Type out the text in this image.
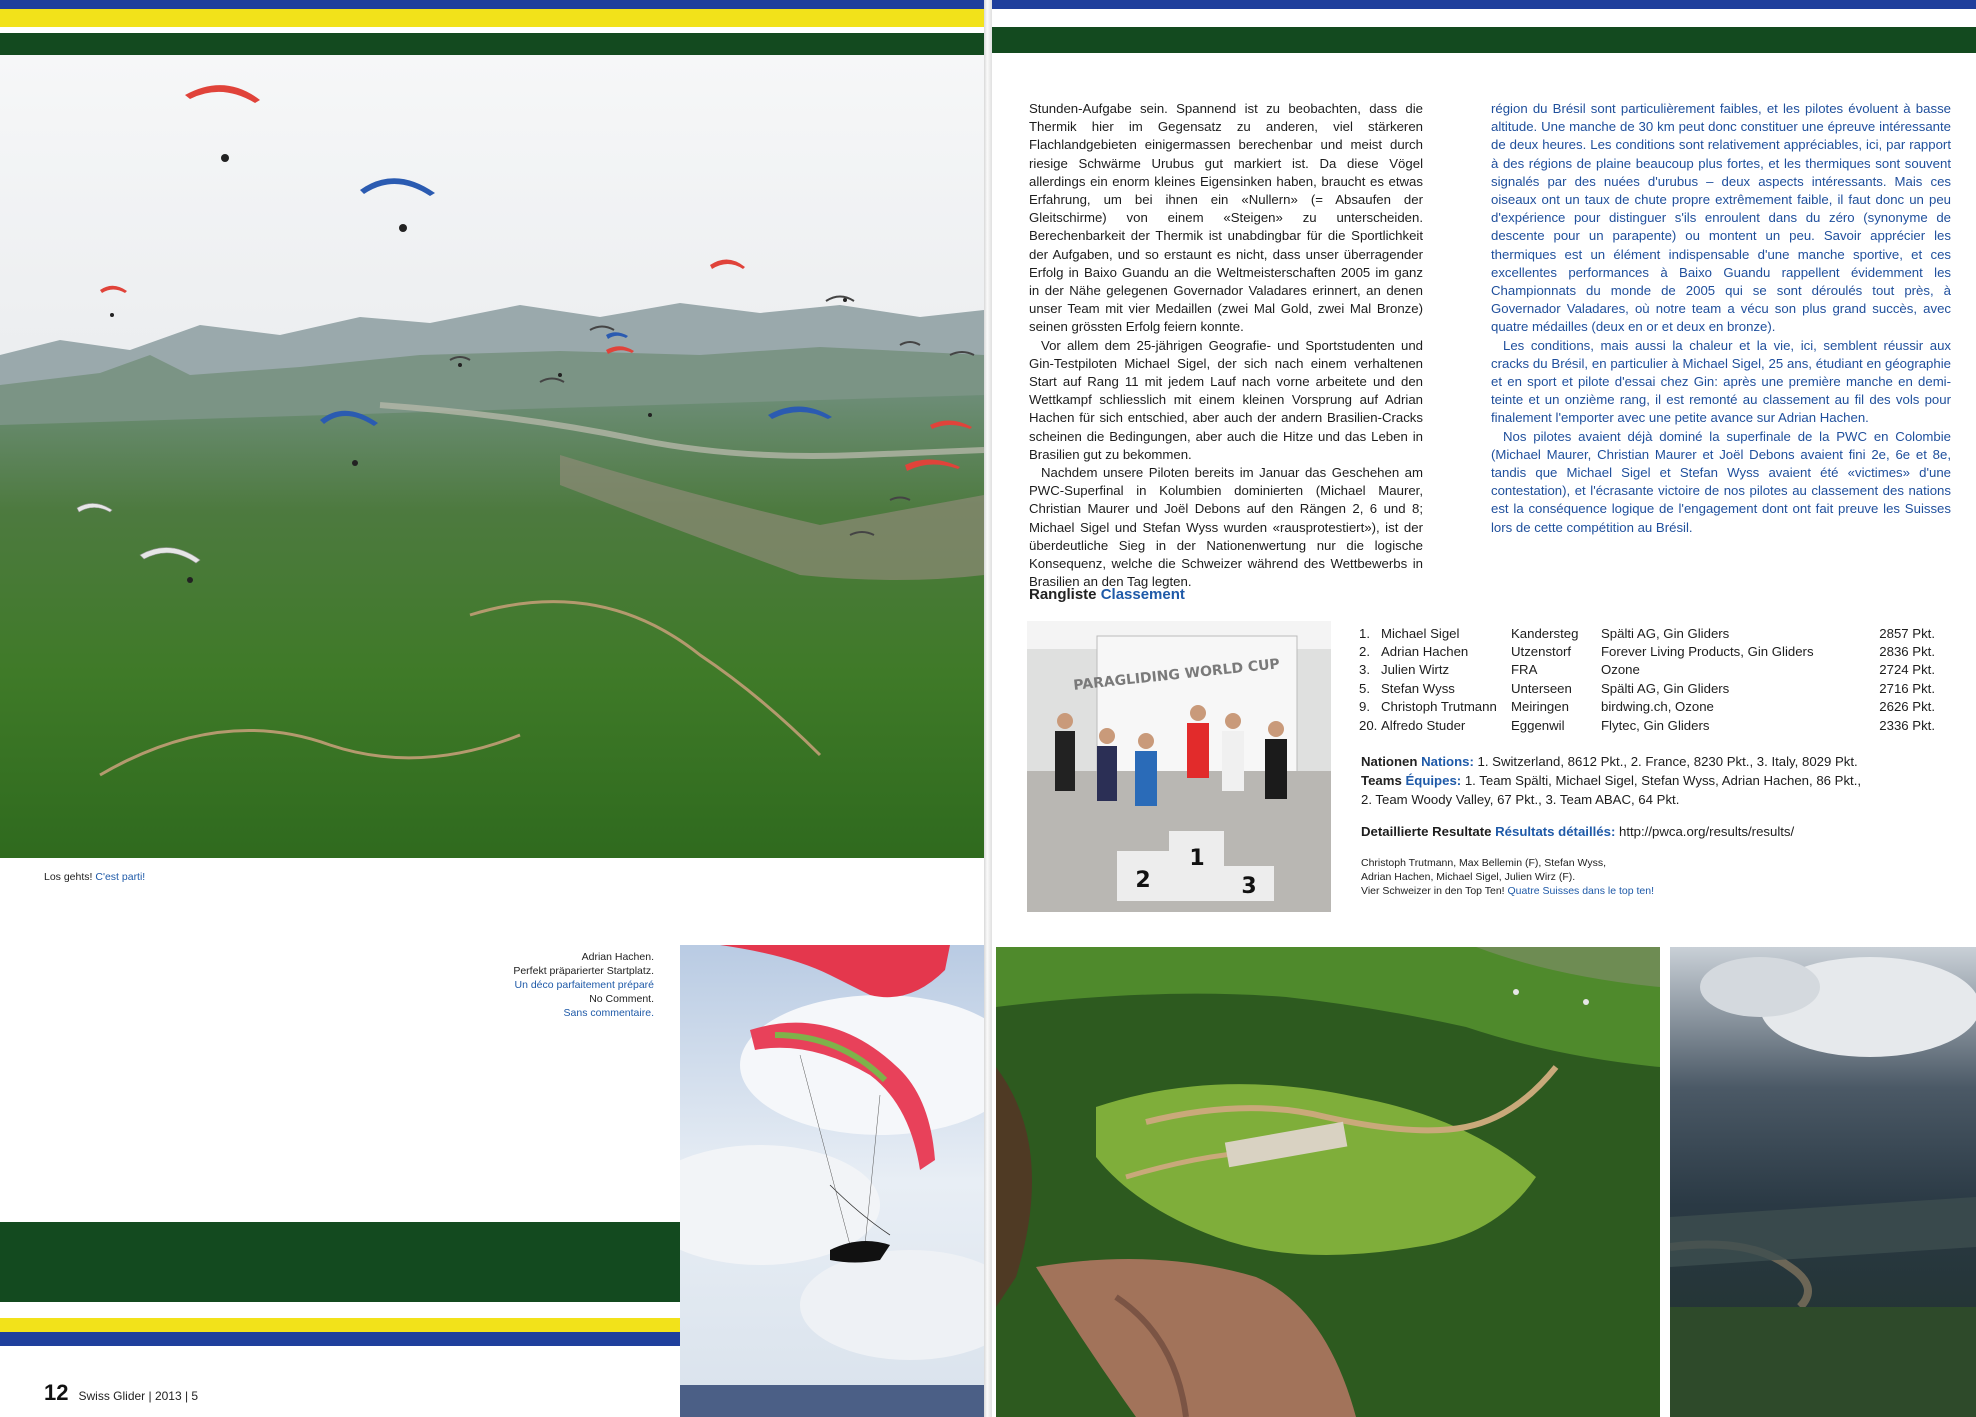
Los gehts! C'est parti!
Adrian Hachen.
Perfekt präparierter Startplatz.
Un déco parfaitement préparé
No Comment.
Sans commentaire.
12 Swiss Glider | 2013 | 5

Stunden-Aufgabe sein. Spannend ist zu beobachten, dass die Thermik hier im Gegensatz zu anderen, viel stärkeren Flachlandgebieten einigermassen berechenbar und meist durch riesige Schwärme Urubus gut markiert ist. Da diese Vögel allerdings ein enorm kleines Eigensinken haben, braucht es etwas Erfahrung, um bei ihnen ein «Nullern» (= Absaufen der Gleitschirme) von einem «Steigen» zu unterscheiden. Berechenbarkeit der Thermik ist unabdingbar für die Sportlichkeit der Aufgaben, und so erstaunt es nicht, dass unser überragender Erfolg in Baixo Guandu an die Weltmeisterschaften 2005 im ganz in der Nähe gelegenen Governador Valadares erinnert, an denen unser Team mit vier Medaillen (zwei Mal Gold, zwei Mal Bronze) seinen grössten Erfolg feiern konnte.

Vor allem dem 25-jährigen Geografie- und Sportstudenten und Gin-Testpiloten Michael Sigel, der sich nach einem verhaltenen Start auf Rang 11 mit jedem Lauf nach vorne arbeitete und den Wettkampf schliesslich mit einem kleinen Vorsprung auf Adrian Hachen für sich entschied, aber auch der andern Brasilien-Cracks scheinen die Bedingungen, aber auch die Hitze und das Leben in Brasilien gut zu bekommen.

Nachdem unsere Piloten bereits im Januar das Geschehen am PWC-Superfinal in Kolumbien dominierten (Michael Maurer, Christian Maurer und Joël Debons auf den Rängen 2, 6 und 8; Michael Sigel und Stefan Wyss wurden «rausprotestiert»), ist der überdeutliche Sieg in der Nationenwertung nur die logische Konsequenz, welche die Schweizer während des Wettbewerbs in Brasilien an den Tag legten.

région du Brésil sont particulièrement faibles, et les pilotes évoluent à basse altitude. Une manche de 30 km peut donc constituer une épreuve intéressante de deux heures. Les conditions sont relativement appréciables, ici, par rapport à des régions de plaine beaucoup plus fortes, et les thermiques sont souvent signalés par des nuées d'urubus – deux aspects intéressants. Mais ces oiseaux ont un taux de chute propre extrêmement faible, il faut donc un peu d'expérience pour distinguer s'ils enroulent dans du zéro (synonyme de descente pour un parapente) ou montent un peu. Savoir apprécier les thermiques est un élément indispensable d'une manche sportive, et ces excellentes performances à Baixo Guandu rappellent évidemment les Championnats du monde de 2005 qui se sont déroulés tout près, à Governador Valadares, où notre team a vécu son plus grand succès, avec quatre médailles (deux en or et deux en bronze).

Les conditions, mais aussi la chaleur et la vie, ici, semblent réussir aux cracks du Brésil, en particulier à Michael Sigel, 25 ans, étudiant en géographie et en sport et pilote d'essai chez Gin: après une première manche en demi-teinte et un onzième rang, il est remonté au classement au fil des vols pour finalement l'emporter avec une petite avance sur Adrian Hachen.

Nos pilotes avaient déjà dominé la superfinale de la PWC en Colombie (Michael Maurer, Christian Maurer et Joël Debons avaient fini 2e, 6e et 8e, tandis que Michael Sigel et Stefan Wyss avaient été «victimes» d'une contestation), et l'écrasante victoire de nos pilotes au classement des nations est la conséquence logique de l'engagement dont ont fait preuve les Suisses lors de cette compétition au Brésil.

Rangliste Classement
PARAGLIDING WORLD CUP
2
1
3
1.	Michael Sigel	Kandersteg	Spälti AG, Gin Gliders	2857 Pkt.
2.	Adrian Hachen	Utzenstorf	Forever Living Products, Gin Gliders	2836 Pkt.
3.	Julien Wirtz	FRA	Ozone	2724 Pkt.
5.	Stefan Wyss	Unterseen	Spälti AG, Gin Gliders	2716 Pkt.
9.	Christoph Trutmann	Meiringen	birdwing.ch, Ozone	2626 Pkt.
20.	Alfredo Studer	Eggenwil	Flytec, Gin Gliders	2336 Pkt.
Nationen Nations: 1. Switzerland, 8612 Pkt., 2. France, 8230 Pkt., 3. Italy, 8029 Pkt.
Teams Équipes: 1. Team Spälti, Michael Sigel, Stefan Wyss, Adrian Hachen, 86 Pkt.,
2. Team Woody Valley, 67 Pkt., 3. Team ABAC, 64 Pkt.
Detaillierte Resultate Résultats détaillés: http://pwca.org/results/results/
Christoph Trutmann, Max Bellemin (F), Stefan Wyss,
Adrian Hachen, Michael Sigel, Julien Wirz (F).
Vier Schweizer in den Top Ten! Quatre Suisses dans le top ten!
